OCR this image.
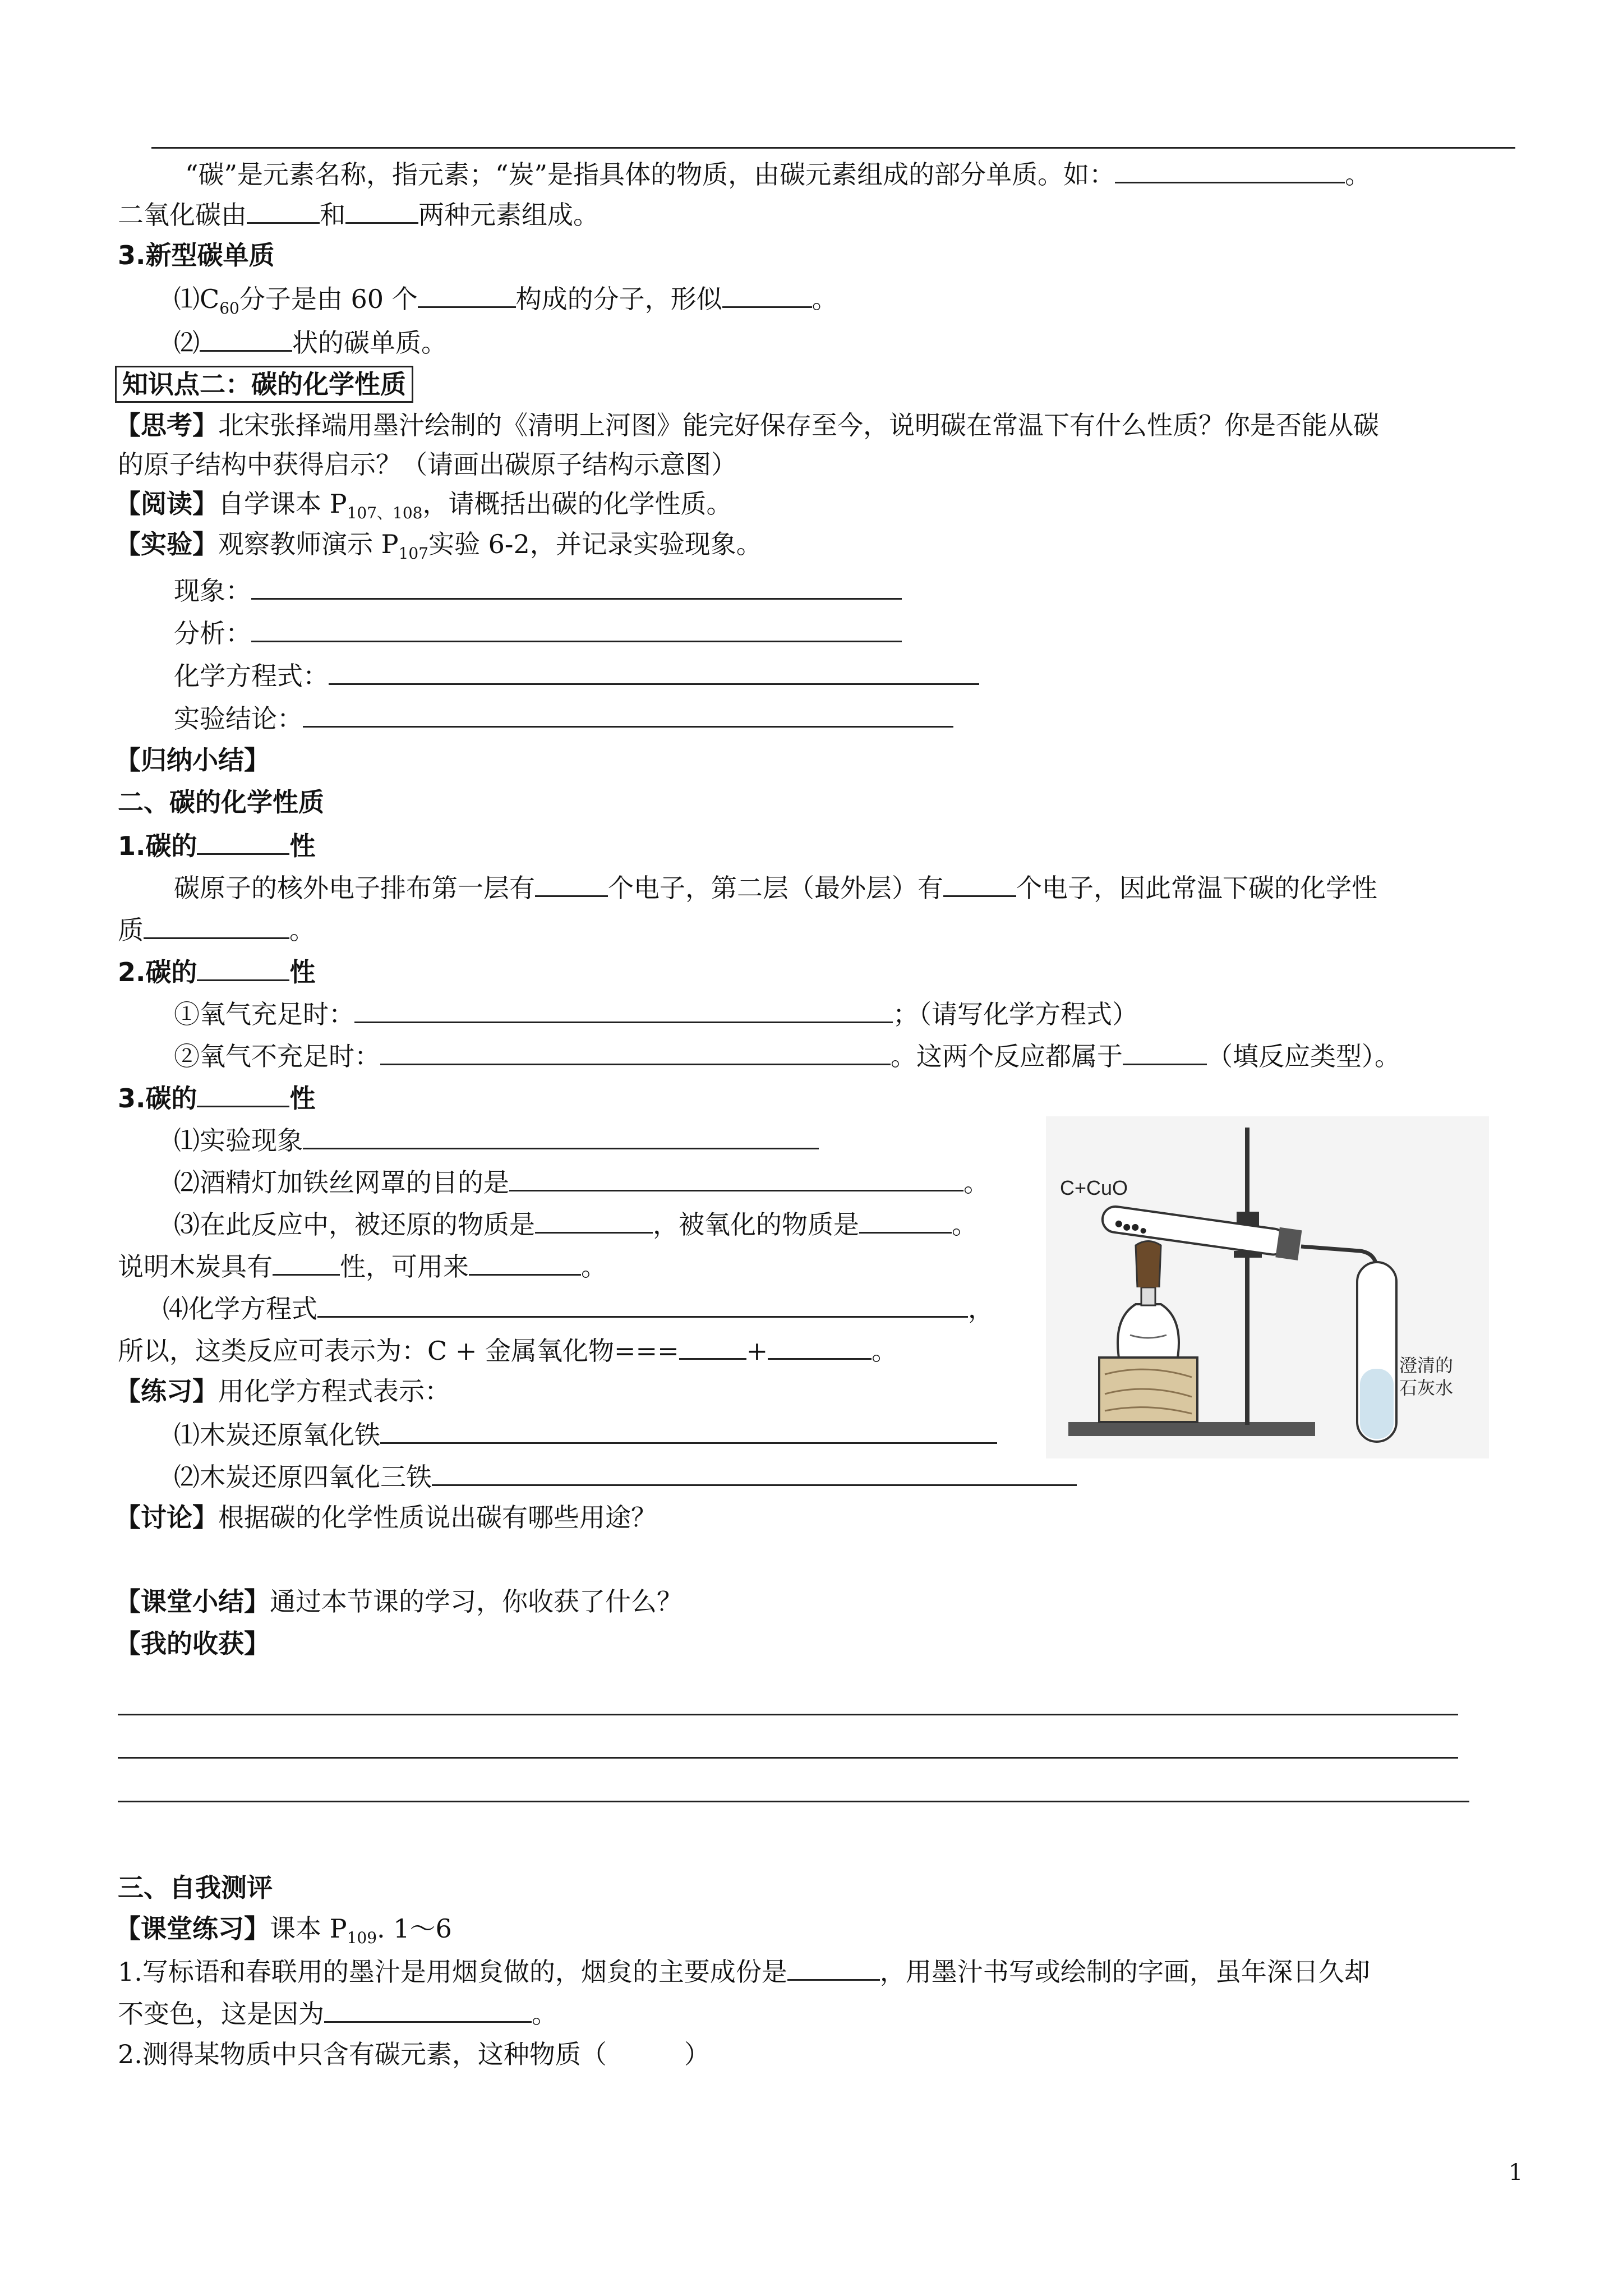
“碳”是元素名称，指元素；“炭”是指具体的物质，由碳元素组成的部分单质。如：	。
二氧化碳由	和	两种元素组成。
3.新型碳单质
$⑴C_{60}$分子是由 60 个	构成的分子，形似	。
⑵	状的碳单质。
知识点二：碳的化学性质
【思考】北宋张择端用墨汁绘制的《清明上河图》能完好保存至今，说明碳在常温下有什么性质？你是否能从碳
的原子结构中获得启示？（请画出碳原子结构示意图）
【阅读】自学课本 $P_{107、108}$，请概括出碳的化学性质。
【实验】观察教师演示 $P_{107}$实验 6-2，并记录实验现象。
现象：
分析：
化学方程式：
实验结论：
【归纳小结】
二、碳的化学性质
1.碳的	性
碳原子的核外电子排布第一层有	个电子，第二层（最外层）有	个电子，因此常温下碳的化学性
质	。
2.碳的	性
①氧气充足时：	；（请写化学方程式）
②氧气不充足时：	。这两个反应都属于	（填反应类型）。
3.碳的	性
⑴实验现象
⑵酒精灯加铁丝网罩的目的是	。
⑶在此反应中，被还原的物质是	，被氧化的物质是	。
说明木炭具有	性，可用来	。
⑷化学方程式	，
所以，这类反应可表示为：C + 金属氧化物===	+	。
【练习】用化学方程式表示：
⑴木炭还原氧化铁
⑵木炭还原四氧化三铁
【讨论】根据碳的化学性质说出碳有哪些用途？
【课堂小结】通过本节课的学习，你收获了什么？
【我的收获】
三、自我测评
【课堂练习】课本 $P_{109}$. 1～6
1.写标语和春联用的墨汁是用烟炱做的，烟炱的主要成份是	，用墨汁书写或绘制的字画，虽年深日久却
不变色，这是因为	。
2.测得某物质中只含有碳元素，这种物质（　　　）
C+CuO
澄清的
石灰水
1
